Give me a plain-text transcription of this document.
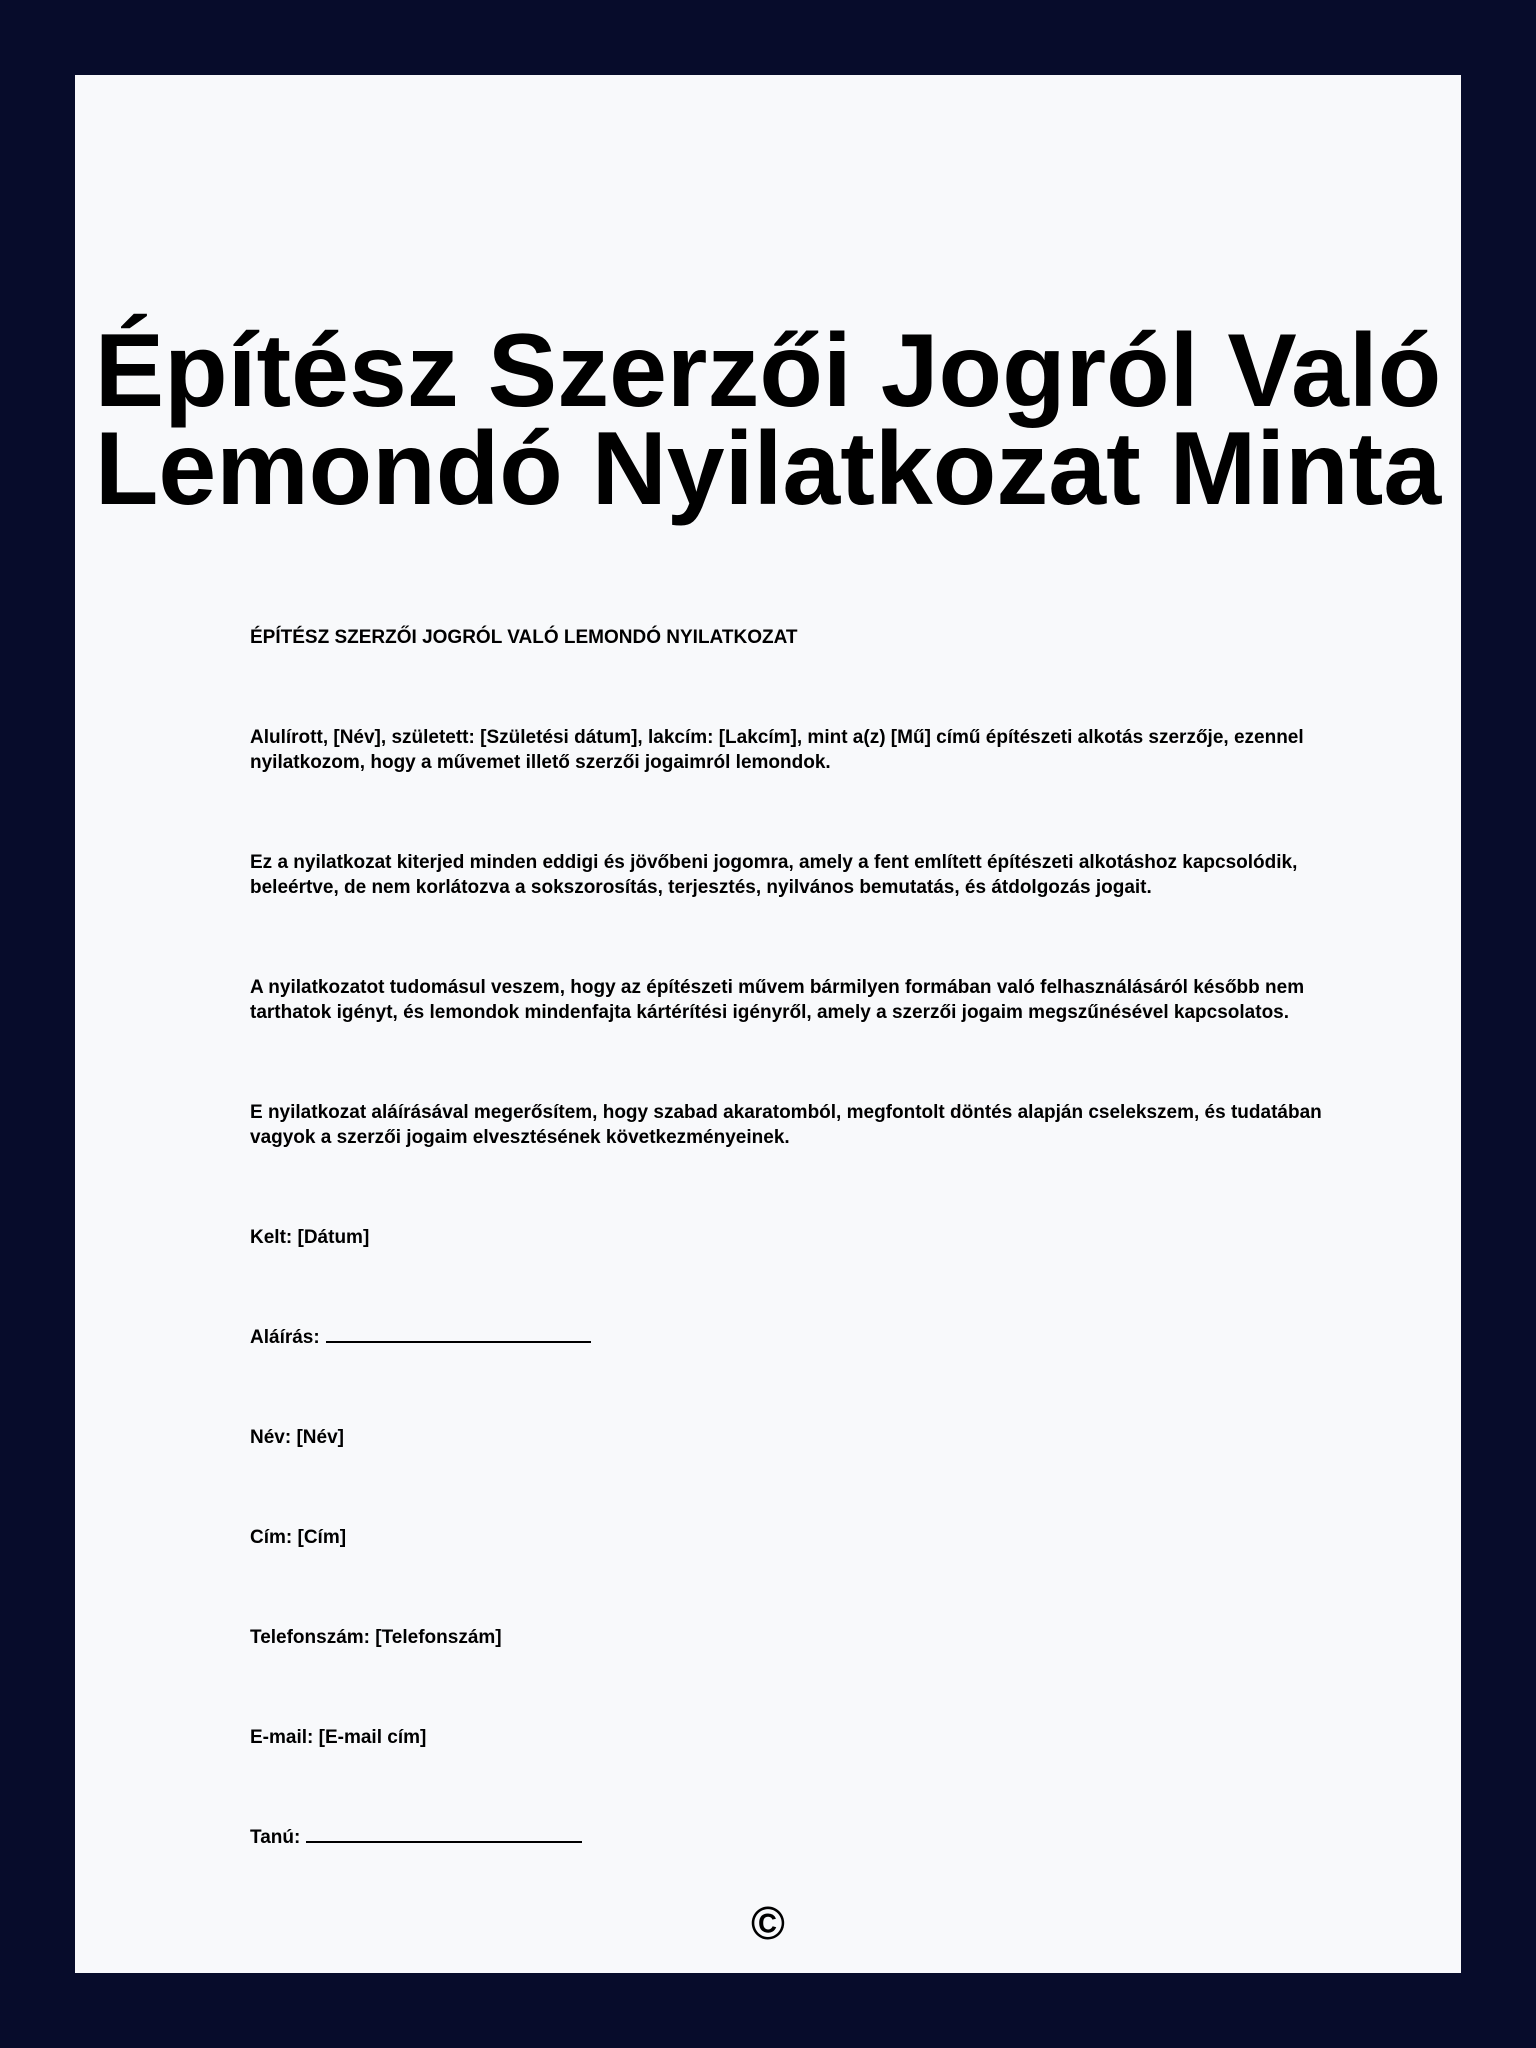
Építész Szerzői Jogról Való
Lemondó Nyilatkozat Minta

ÉPÍTÉSZ SZERZŐI JOGRÓL VALÓ LEMONDÓ NYILATKOZAT

Alulírott, [Név], született: [Születési dátum], lakcím: [Lakcím], mint a(z) [Mű] című építészeti alkotás szerzője, ezennel nyilatkozom, hogy a művemet illető szerzői jogaimról lemondok.

Ez a nyilatkozat kiterjed minden eddigi és jövőbeni jogomra, amely a fent említett építészeti alkotáshoz kapcsolódik, beleértve, de nem korlátozva a sokszorosítás, terjesztés, nyilvános bemutatás, és átdolgozás jogait.

A nyilatkozatot tudomásul veszem, hogy az építészeti művem bármilyen formában való felhasználásáról később nem tarthatok igényt, és lemondok mindenfajta kártérítési igényről, amely a szerzői jogaim megszűnésével kapcsolatos.

E nyilatkozat aláírásával megerősítem, hogy szabad akaratomból, megfontolt döntés alapján cselekszem, és tudatában vagyok a szerzői jogaim elvesztésének következményeinek.

Kelt: [Dátum]

Aláírás:

Név: [Név]

Cím: [Cím]

Telefonszám: [Telefonszám]

E-mail: [E-mail cím]

Tanú:

©
